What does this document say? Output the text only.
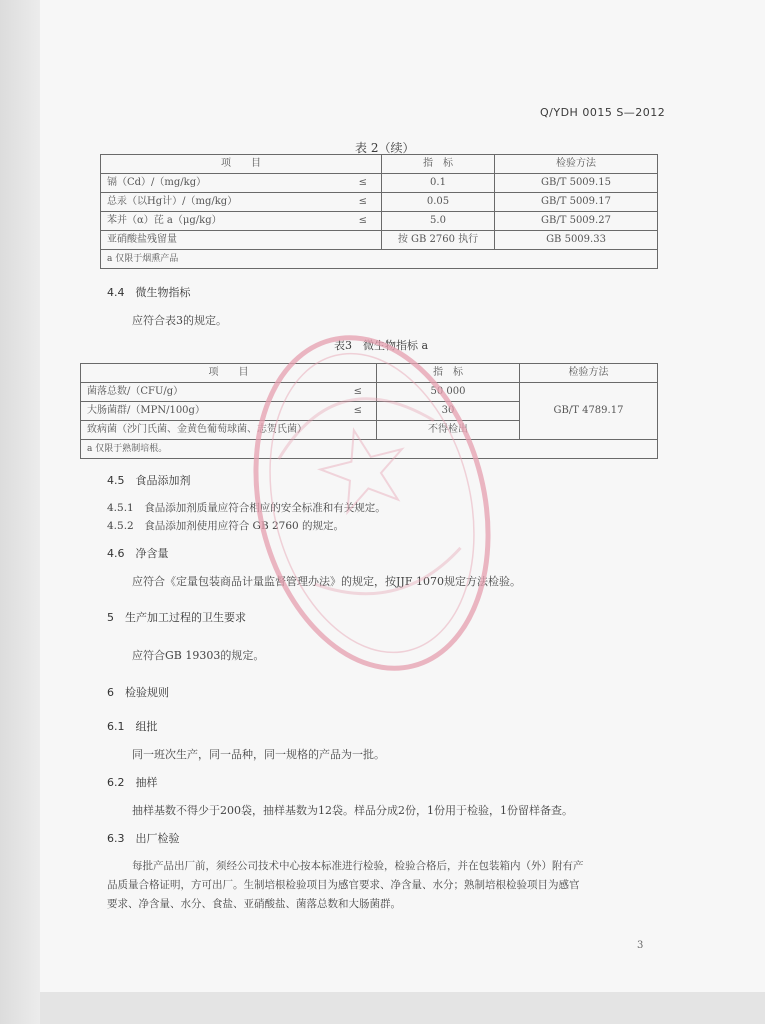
Q/YDH 0015 S—2012
表 2（续）
项　　目		指　标	检验方法
镉（Cd）/（mg/kg）	≤	0.1	GB/T 5009.15
总汞（以Hg计）/（mg/kg）	≤	0.05	GB/T 5009.17
苯并（α）芘 a（μg/kg）	≤	5.0	GB/T 5009.27
亚硝酸盐残留量		按 GB 2760 执行	GB 5009.33
a 仅限于烟熏产品			
4.4　微生物指标
应符合表3的规定。
表3　微生物指标 a
项　　目		指　标	检验方法
菌落总数/（CFU/g）	≤	50 000	GB/T 4789.17
大肠菌群/（MPN/100g）	≤	30	
致病菌（沙门氏菌、金黄色葡萄球菌、志贺氏菌）		不得检出	
a 仅限于熟制培根。			
4.5　食品添加剂
4.5.1　食品添加剂质量应符合相应的安全标准和有关规定。
4.5.2　食品添加剂使用应符合 GB 2760 的规定。
4.6　净含量
应符合《定量包装商品计量监督管理办法》的规定，按JJF 1070规定方法检验。
5　生产加工过程的卫生要求
应符合GB 19303的规定。
6　检验规则
6.1　组批
同一班次生产，同一品种，同一规格的产品为一批。
6.2　抽样
抽样基数不得少于200袋，抽样基数为12袋。样品分成2份，1份用于检验，1份留样备查。
6.3　出厂检验
每批产品出厂前，须经公司技术中心按本标准进行检验，检验合格后，并在包装箱内（外）附有产
品质量合格证明，方可出厂。生制培根检验项目为感官要求、净含量、水分；熟制培根检验项目为感官
要求、净含量、水分、食盐、亚硝酸盐、菌落总数和大肠菌群。
3
